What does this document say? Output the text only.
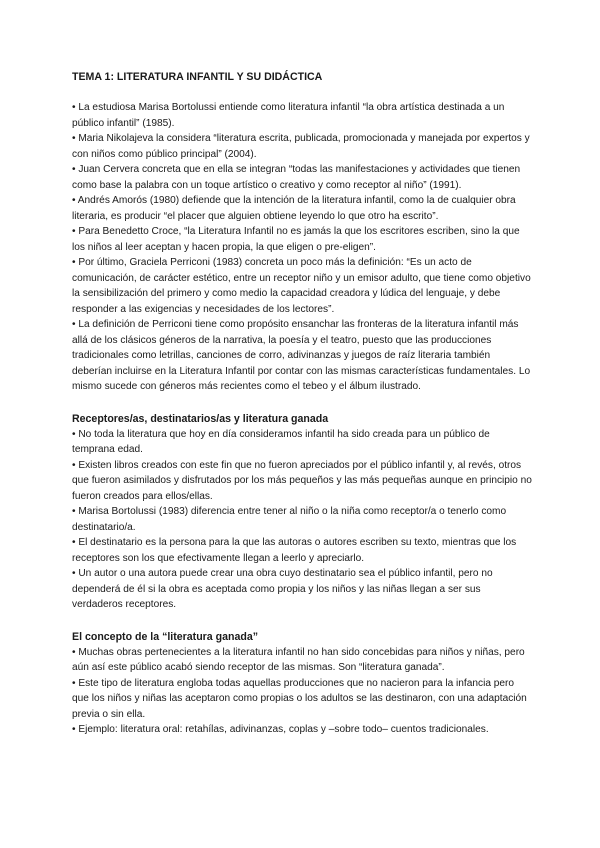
TEMA 1: LITERATURA INFANTIL Y SU DIDÁCTICA

• La estudiosa Marisa Bortolussi entiende como literatura infantil “la obra artística destinada a un público infantil” (1985).

• Maria Nikolajeva la considera “literatura escrita, publicada, promocionada y manejada por expertos y con niños como público principal” (2004).

• Juan Cervera concreta que en ella se integran “todas las manifestaciones y actividades que tienen como base la palabra con un toque artístico o creativo y como receptor al niño” (1991).

• Andrés Amorós (1980) defiende que la intención de la literatura infantil, como la de cualquier obra literaria, es producir “el placer que alguien obtiene leyendo lo que otro ha escrito”.

• Para Benedetto Croce, “la Literatura Infantil no es jamás la que los escritores escriben, sino la que los niños al leer aceptan y hacen propia, la que eligen o pre-eligen”.

• Por último, Graciela Perriconi (1983) concreta un poco más la definición: “Es un acto de comunicación, de carácter estético, entre un receptor niño y un emisor adulto, que tiene como objetivo la sensibilización del primero y como medio la capacidad creadora y lúdica del lenguaje, y debe responder a las exigencias y necesidades de los lectores”.

• La definición de Perriconi tiene como propósito ensanchar las fronteras de la literatura infantil más allá de los clásicos géneros de la narrativa, la poesía y el teatro, puesto que las producciones tradicionales como letrillas, canciones de corro, adivinanzas y juegos de raíz literaria también deberían incluirse en la Literatura Infantil por contar con las mismas características fundamentales. Lo mismo sucede con géneros más recientes como el tebeo y el álbum ilustrado.

Receptores/as, destinatarios/as y literatura ganada

• No toda la literatura que hoy en día consideramos infantil ha sido creada para un público de temprana edad.

• Existen libros creados con este fin que no fueron apreciados por el público infantil y, al revés, otros que fueron asimilados y disfrutados por los más pequeños y las más pequeñas aunque en principio no fueron creados para ellos/ellas.

• Marisa Bortolussi (1983) diferencia entre tener al niño o la niña como receptor/a o tenerlo como destinatario/a.

• El destinatario es la persona para la que las autoras o autores escriben su texto, mientras que los receptores son los que efectivamente llegan a leerlo y apreciarlo.

• Un autor o una autora puede crear una obra cuyo destinatario sea el público infantil, pero no dependerá de él si la obra es aceptada como propia y los niños y las niñas llegan a ser sus verdaderos receptores.

El concepto de la “literatura ganada”

• Muchas obras pertenecientes a la literatura infantil no han sido concebidas para niños y niñas, pero aún así este público acabó siendo receptor de las mismas. Son “literatura ganada”.

• Este tipo de literatura engloba todas aquellas producciones que no nacieron para la infancia pero que los niños y niñas las aceptaron como propias o los adultos se las destinaron, con una adaptación previa o sin ella.

• Ejemplo: literatura oral: retahílas, adivinanzas, coplas y –sobre todo– cuentos tradicionales.
